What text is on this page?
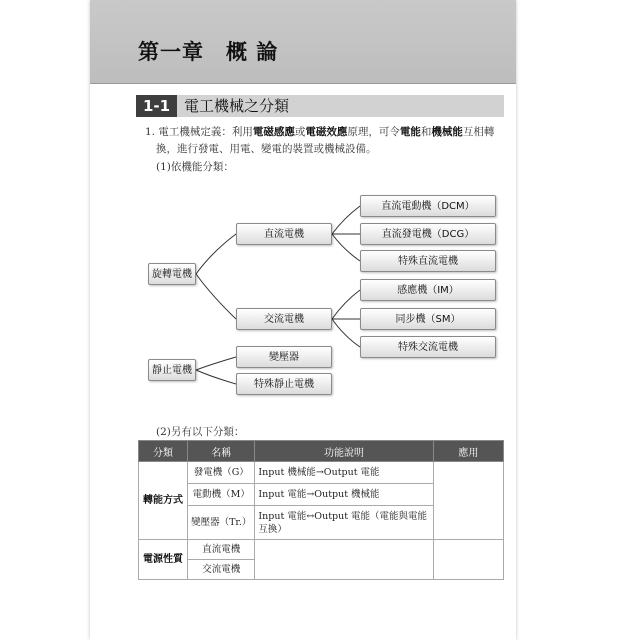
第一章　概 論
1-1 電工機械之分類
1. 電工機械定義：利用電磁感應或電磁效應原理，可令電能和機械能互相轉
換，進行發電、用電、變電的裝置或機械設備。
(1)依機能分類：
旋轉電機
靜止電機
直流電機
交流電機
變壓器
特殊靜止電機
直流電動機（DCM）
直流發電機（DCG）
特殊直流電機
感應機（IM）
同步機（SM）
特殊交流電機
(2)另有以下分類：
分類	名稱	功能說明	應用
轉能方式	發電機（G）	Input 機械能→Output 電能	
	電動機（M）	Input 電能→Output 機械能	
	變壓器（Tr.）	Input 電能↔Output 電能（電能與電能互換）	
電源性質	直流電機		
	交流電機		
